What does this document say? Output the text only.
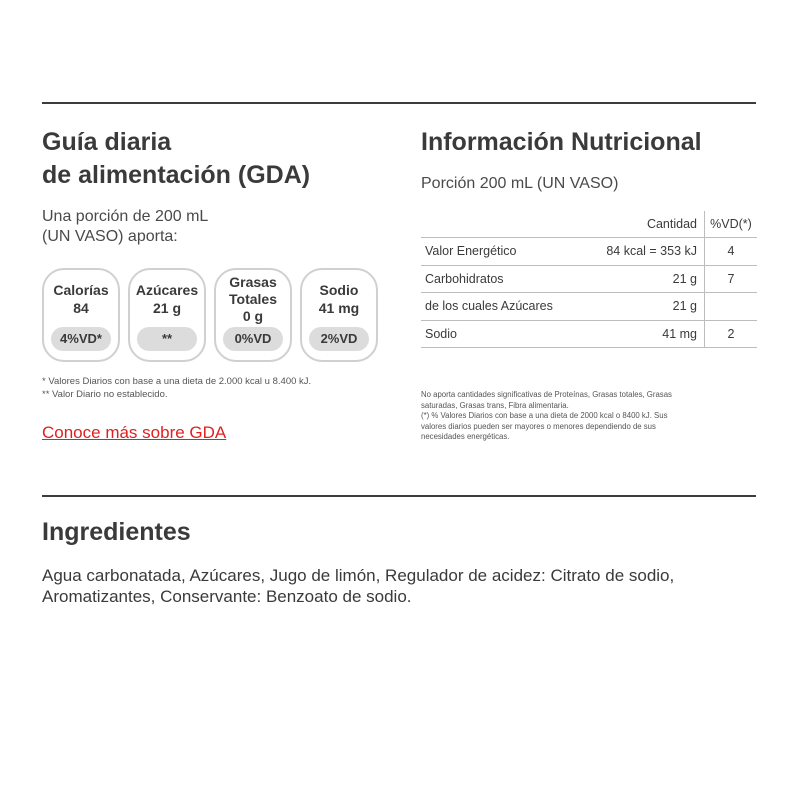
Guía diaria
de alimentación (GDA)
Una porción de 200 mL
(UN VASO) aporta:
Calorías
84
4%VD*
Azúcares
21 g
**
Grasas
Totales
0 g
0%VD
Sodio
41 mg
2%VD
* Valores Diarios con base a una dieta de 2.000 kcal u 8.400 kJ.
** Valor Diario no establecido.
Conoce más sobre GDA
Información Nutricional
Porción 200 mL (UN VASO)
Cantidad	%VD(*)
Valor Energético	84 kcal = 353 kJ	4
Carbohidratos	21 g	7
de los cuales Azúcares	21 g
Sodio	41 mg	2
No aporta cantidades significativas de Proteínas, Grasas totales, Grasas
saturadas, Grasas trans, Fibra alimentaria.
(*) % Valores Diarios con base a una dieta de 2000 kcal o 8400 kJ. Sus
valores diarios pueden ser mayores o menores dependiendo de sus
necesidades energéticas.
Ingredientes
Agua carbonatada, Azúcares, Jugo de limón, Regulador de acidez: Citrato de sodio,
Aromatizantes, Conservante: Benzoato de sodio.
